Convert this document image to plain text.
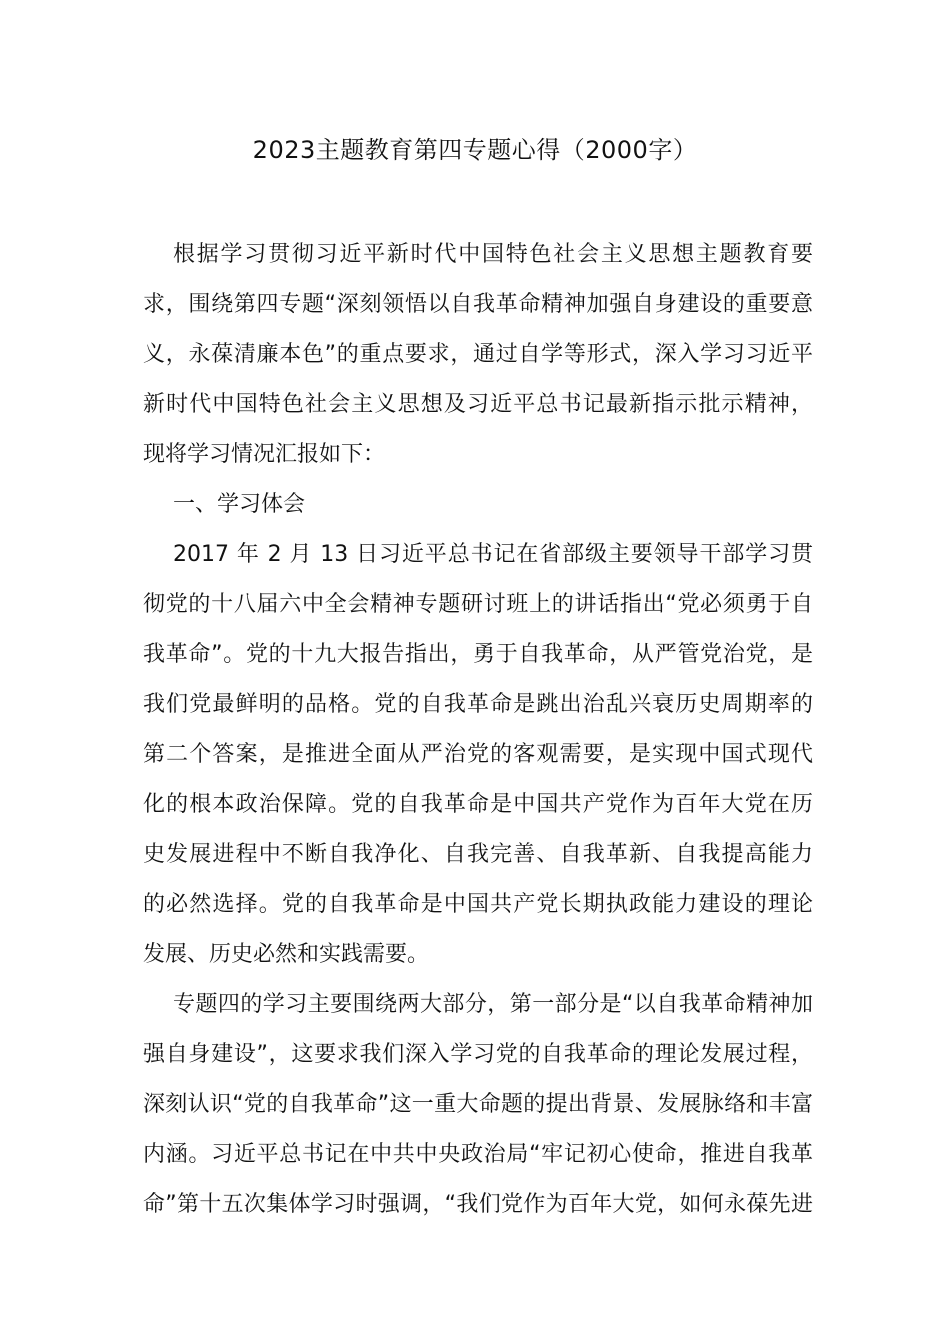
2023主题教育第四专题心得（2000字）
根据学习贯彻习近平新时代中国特色社会主义思想主题教育要
求，围绕第四专题“深刻领悟以自我革命精神加强自身建设的重要意
义，永葆清廉本色”的重点要求，通过自学等形式，深入学习习近平
新时代中国特色社会主义思想及习近平总书记最新指示批示精神，
现将学习情况汇报如下：
一、学习体会
2017 年 2 月 13 日习近平总书记在省部级主要领导干部学习贯
彻党的十八届六中全会精神专题研讨班上的讲话指出“党必须勇于自
我革命”。党的十九大报告指出，勇于自我革命，从严管党治党，是
我们党最鲜明的品格。党的自我革命是跳出治乱兴衰历史周期率的
第二个答案，是推进全面从严治党的客观需要，是实现中国式现代
化的根本政治保障。党的自我革命是中国共产党作为百年大党在历
史发展进程中不断自我净化、自我完善、自我革新、自我提高能力
的必然选择。党的自我革命是中国共产党长期执政能力建设的理论
发展、历史必然和实践需要。
专题四的学习主要围绕两大部分，第一部分是“以自我革命精神加
强自身建设”，这要求我们深入学习党的自我革命的理论发展过程，
深刻认识“党的自我革命”这一重大命题的提出背景、发展脉络和丰富
内涵。习近平总书记在中共中央政治局“牢记初心使命，推进自我革
命”第十五次集体学习时强调，“我们党作为百年大党，如何永葆先进
